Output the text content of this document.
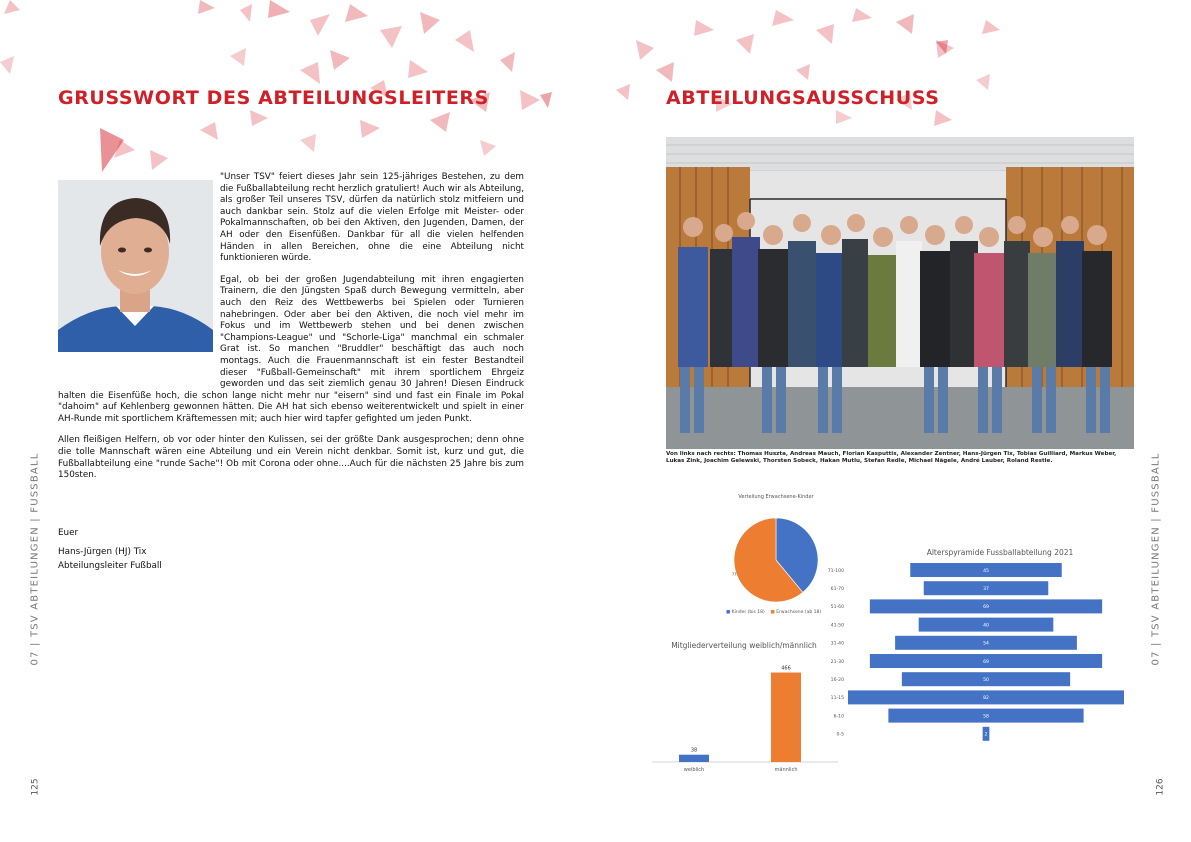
GRUSSWORT DES ABTEILUNGSLEITERS

"Unser TSV" feiert dieses Jahr sein 125-jähriges Bestehen, zu dem die Fußballabteilung recht herzlich gratuliert! Auch wir als Abteilung, als großer Teil unseres TSV, dürfen da natürlich stolz mitfeiern und auch dankbar sein. Stolz auf die vielen Erfolge mit Meister- oder Pokalmannschaften, ob bei den Aktiven, den Jugenden, Damen, der AH oder den Eisenfüßen. Dankbar für all die vielen helfenden Händen in allen Bereichen, ohne die eine Abteilung nicht funktionieren würde.

Egal, ob bei der großen Jugendabteilung mit ihren engagierten Trainern, die den Jüngsten Spaß durch Bewegung vermitteln, aber auch den Reiz des Wettbewerbs bei Spielen oder Turnieren nahebringen. Oder aber bei den Aktiven, die noch viel mehr im Fokus und im Wettbewerb stehen und bei denen zwischen "Champions-League" und "Schorle-Liga" manchmal ein schmaler Grat ist. So manchen "Bruddler" beschäftigt das auch noch montags. Auch die Frauenmannschaft ist ein fester Bestandteil dieser "Fußball-Gemeinschaft" mit ihrem sportlichem Ehrgeiz geworden und das seit ziemlich genau 30 Jahren! Diesen Eindruck halten die Eisenfüße hoch, die schon lange nicht mehr nur "eisern" sind und fast ein Finale im Pokal "dahoim" auf Kehlenberg gewonnen hätten. Die AH hat sich ebenso weiterentwickelt und spielt in einer AH-Runde mit sportlichem Kräftemessen mit; auch hier wird tapfer gefighted um jeden Punkt.

Allen fleißigen Helfern, ob vor oder hinter den Kulissen, sei der größte Dank ausgesprochen; denn ohne die tolle Mannschaft wären eine Abteilung und ein Verein nicht denkbar. Somit ist, kurz und gut, die Fußballabteilung eine "runde Sache"! Ob mit Corona oder ohne....Auch für die nächsten 25 Jahre bis zum 150sten.

Euer
Hans-Jürgen (HJ) Tix
Abteilungsleiter Fußball
07 | TSV ABTEILUNGEN | FUSSBALL
125
ABTEILUNGSAUSSCHUSS
Von links nach rechts: Thomas Huszta, Andreas Mauch, Florian Kasputtis, Alexander Zentner, Hans-Jürgen Tix, Tobias Guilliard, Markus Weber, Lukas Zink, Joachim Gelewski, Thorsten Sobeck, Hakan Mutlu, Stefan Redle, Michael Nägele, André Lauber, Roland Restle.
Verteilung Erwachsene-Kinder
??
■ Kinder (bis 18) ■ Erwachsene (ab 18)
Mitgliederverteilung weiblich/männlich
38
466
weiblich	männlich
Alterspyramide Fussballabteilung 2021
45
71-100
37
61-70
69
51-60
40
41-50
54
31-40
69
21-30
50
16-20
82
11-15
58
6-10
2
0-5
07 | TSV ABTEILUNGEN | FUSSBALL
126
